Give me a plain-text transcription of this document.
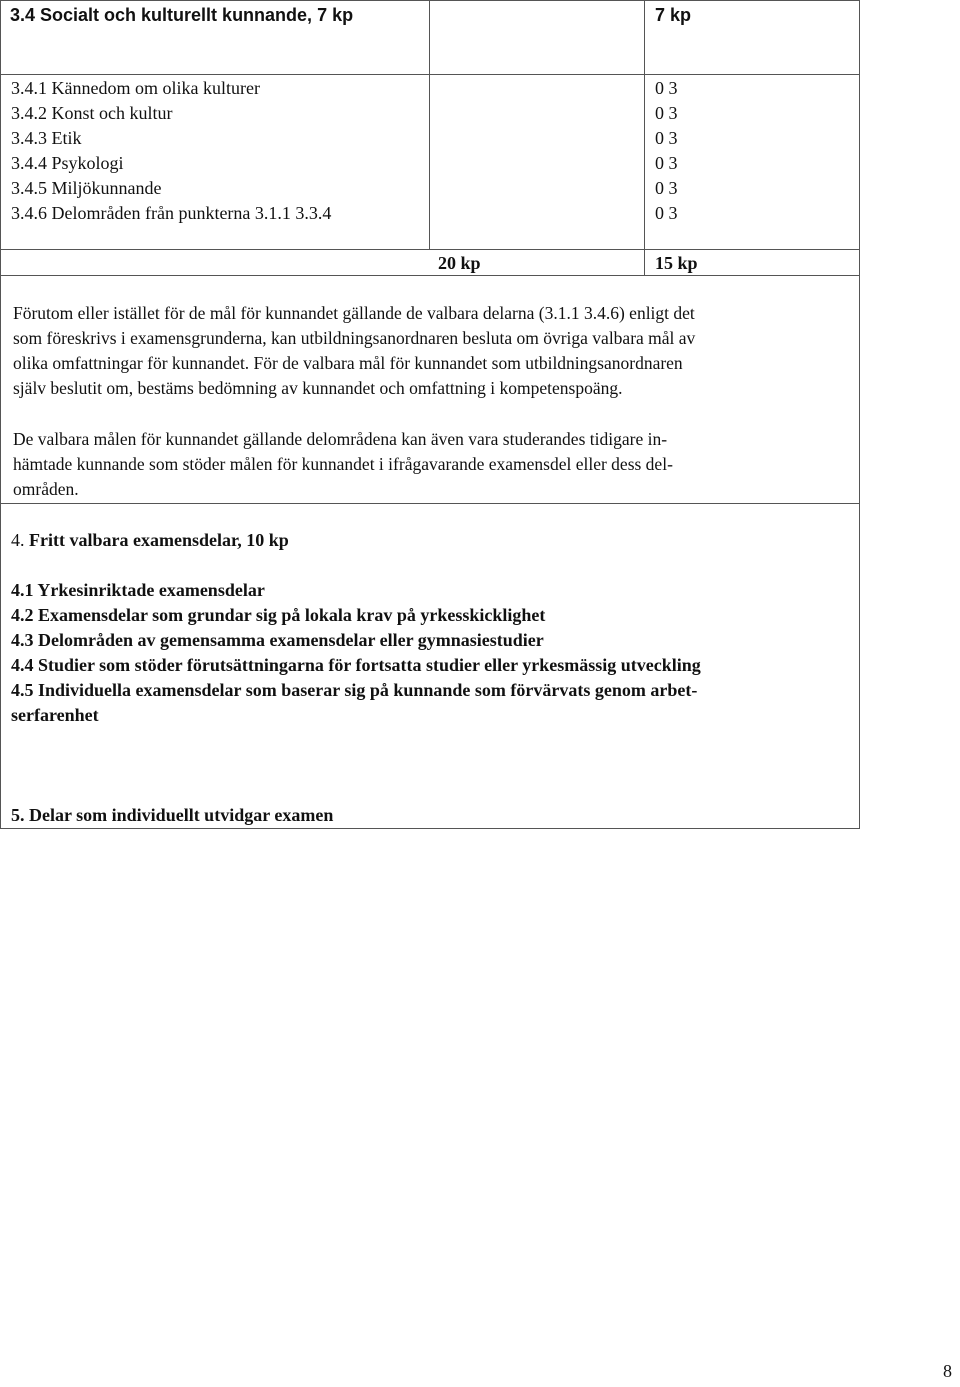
3.4 Socialt och kulturellt kunnande, 7 kp	7 kp
3.4.1 Kännedom om olika kulturer
3.4.2 Konst och kultur
3.4.3 Etik
3.4.4 Psykologi
3.4.5 Miljökunnande
3.4.6 Delområden från punkterna 3.1.1 3.3.4
0 3
0 3
0 3
0 3
0 3
0 3
20 kp	15 kp
Förutom eller istället för de mål för kunnandet gällande de valbara delarna (3.1.1 3.4.6) enligt det
som föreskrivs i examensgrunderna, kan utbildningsanordnaren besluta om övriga valbara mål av
olika omfattningar för kunnandet. För de valbara mål för kunnandet som utbildningsanordnaren
själv beslutit om, bestäms bedömning av kunnandet och omfattning i kompetenspoäng.
De valbara målen för kunnandet gällande delområdena kan även vara studerandes tidigare in-
hämtade kunnande som stöder målen för kunnandet i ifrågavarande examensdel eller dess del-
områden.
4. Fritt valbara examensdelar, 10 kp
4.1 Yrkesinriktade examensdelar
4.2 Examensdelar som grundar sig på lokala krav på yrkesskicklighet
4.3 Delområden av gemensamma examensdelar eller gymnasiestudier
4.4 Studier som stöder förutsättningarna för fortsatta studier eller yrkesmässig utveckling
4.5 Individuella examensdelar som baserar sig på kunnande som förvärvats genom arbet-
serfarenhet
5. Delar som individuellt utvidgar examen
8
